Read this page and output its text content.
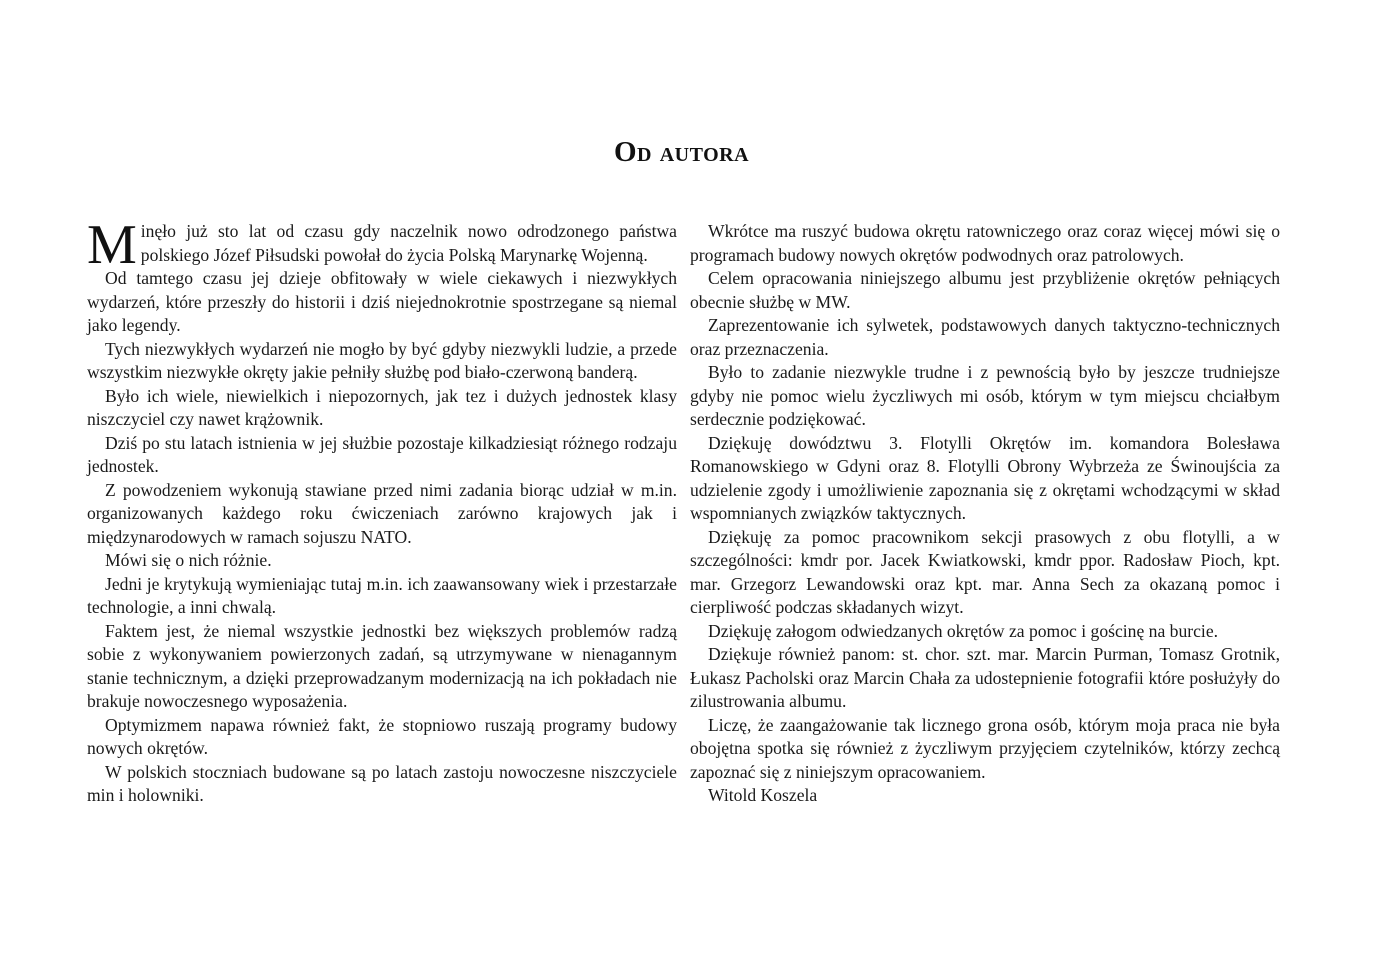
Od autora

Minęło już sto lat od czasu gdy naczelnik nowo odrodzonego państwa polskiego Józef Piłsudski powołał do życia Polską Marynarkę Wojenną.

Od tamtego czasu jej dzieje obfitowały w wiele ciekawych i niezwykłych wydarzeń, które przeszły do historii i dziś niejednokrotnie spostrzegane są niemal jako legendy.

Tych niezwykłych wydarzeń nie mogło by być gdyby niezwykli ludzie, a przede wszystkim niezwykłe okręty jakie pełniły służbę pod biało-czerwoną banderą.

Było ich wiele, niewielkich i niepozornych, jak tez i dużych jednostek klasy niszczyciel czy nawet krążownik.

Dziś po stu latach istnienia w jej służbie pozostaje kilkadziesiąt różnego rodzaju jednostek.

Z powodzeniem wykonują stawiane przed nimi zadania biorąc udział w m.in. organizowanych każdego roku ćwiczeniach zarówno krajowych jak i międzynarodowych w ramach sojuszu NATO.

Mówi się o nich różnie.

Jedni je krytykują wymieniając tutaj m.in. ich zaawansowany wiek i przestarzałe technologie, a inni chwalą.

Faktem jest, że niemal wszystkie jednostki bez większych problemów radzą sobie z wykonywaniem powierzonych zadań, są utrzymywane w nienagannym stanie technicznym, a dzięki przeprowadzanym modernizacją na ich pokładach nie brakuje nowoczesnego wyposażenia.

Optymizmem napawa również fakt, że stopniowo ruszają programy budowy nowych okrętów.

W polskich stoczniach budowane są po latach zastoju nowoczesne niszczyciele min i holowniki.

Wkrótce ma ruszyć budowa okrętu ratowniczego oraz coraz więcej mówi się o programach budowy nowych okrętów podwodnych oraz patrolowych.

Celem opracowania niniejszego albumu jest przybliżenie okrętów pełniących obecnie służbę w MW.

Zaprezentowanie ich sylwetek, podstawowych danych taktyczno-technicznych oraz przeznaczenia.

Było to zadanie niezwykle trudne i z pewnością było by jeszcze trudniejsze gdyby nie pomoc wielu życzliwych mi osób, którym w tym miejscu chciałbym serdecznie podziękować.

Dziękuję dowództwu 3. Flotylli Okrętów im. komandora Bolesława Romanowskiego w Gdyni oraz 8. Flotylli Obrony Wybrzeża ze Świnoujścia za udzielenie zgody i umożliwienie zapoznania się z okrętami wchodzącymi w skład wspomnianych związków taktycznych.

Dziękuję za pomoc pracownikom sekcji prasowych z obu flotylli, a w szczególności: kmdr por. Jacek Kwiatkowski, kmdr ppor. Radosław Pioch, kpt. mar. Grzegorz Lewandowski oraz kpt. mar. Anna Sech za okazaną pomoc i cierpliwość podczas składanych wizyt.

Dziękuję załogom odwiedzanych okrętów za pomoc i gościnę na burcie.

Dziękuje również panom: st. chor. szt. mar. Marcin Purman, Tomasz Grotnik, Łukasz Pacholski oraz Marcin Chała za udostepnienie fotografii które posłużyły do zilustrowania albumu.

Liczę, że zaangażowanie tak licznego grona osób, którym moja praca nie była obojętna spotka się również z życzliwym przyjęciem czytelników, którzy zechcą zapoznać się z niniejszym opracowaniem.

Witold Koszela
